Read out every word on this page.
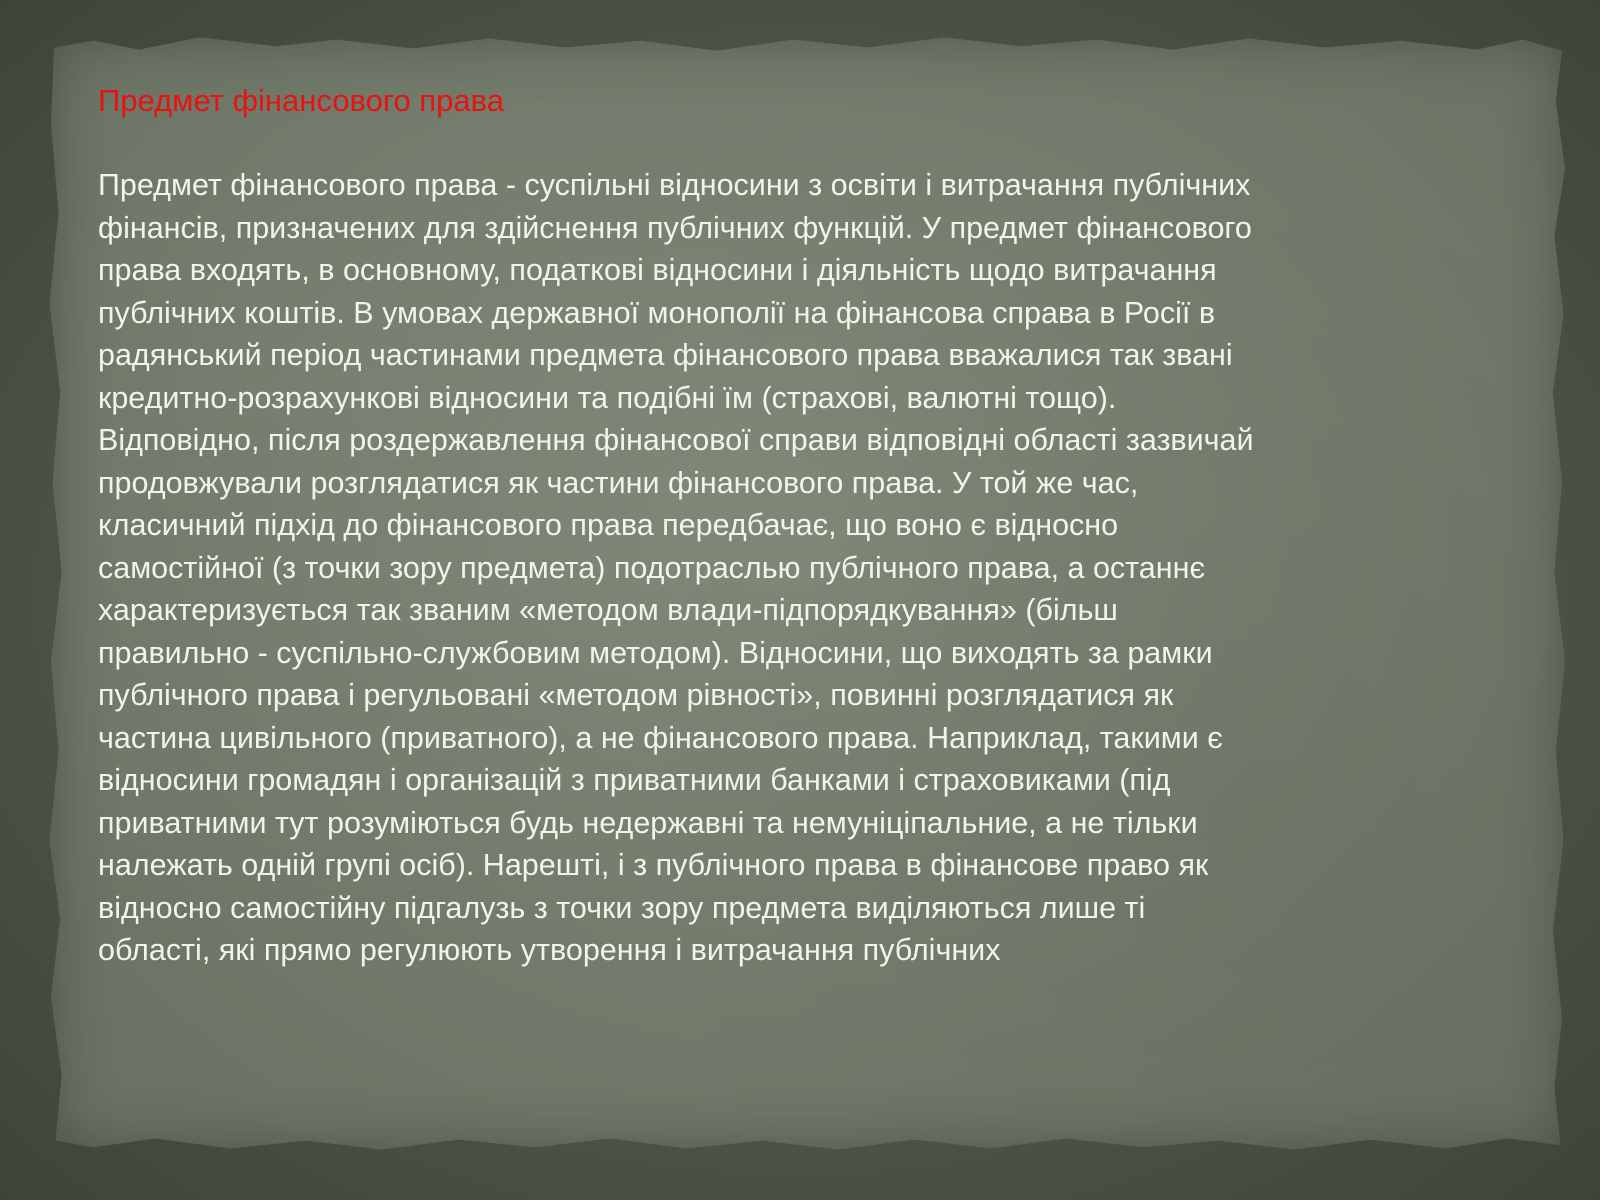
Предмет фінансового права

Предмет фінансового права - суспільні відносини з освіти і витрачання публічних
фінансів, призначених для здійснення публічних функцій. У предмет фінансового
права входять, в основному, податкові відносини і діяльність щодо витрачання
публічних коштів. В умовах державної монополії на фінансова справа в Росії в
радянський період частинами предмета фінансового права вважалися так звані
кредитно-розрахункові відносини та подібні їм (страхові, валютні тощо).
Відповідно, після роздержавлення фінансової справи відповідні області зазвичай
продовжували розглядатися як частини фінансового права. У той же час,
класичний підхід до фінансового права передбачає, що воно є відносно
самостійної (з точки зору предмета) подотраслью публічного права, а останнє
характеризується так званим «методом влади-підпорядкування» (більш
правильно - суспільно-службовим методом). Відносини, що виходять за рамки
публічного права і регульовані «методом рівності», повинні розглядатися як
частина цивільного (приватного), а не фінансового права. Наприклад, такими є
відносини громадян і організацій з приватними банками і страховиками (під
приватними тут розуміються будь недержавні та немуніціпальние, а не тільки
належать одній групі осіб). Нарешті, і з публічного права в фінансове право як
відносно самостійну підгалузь з точки зору предмета виділяються лише ті
області, які прямо регулюють утворення і витрачання публічних
